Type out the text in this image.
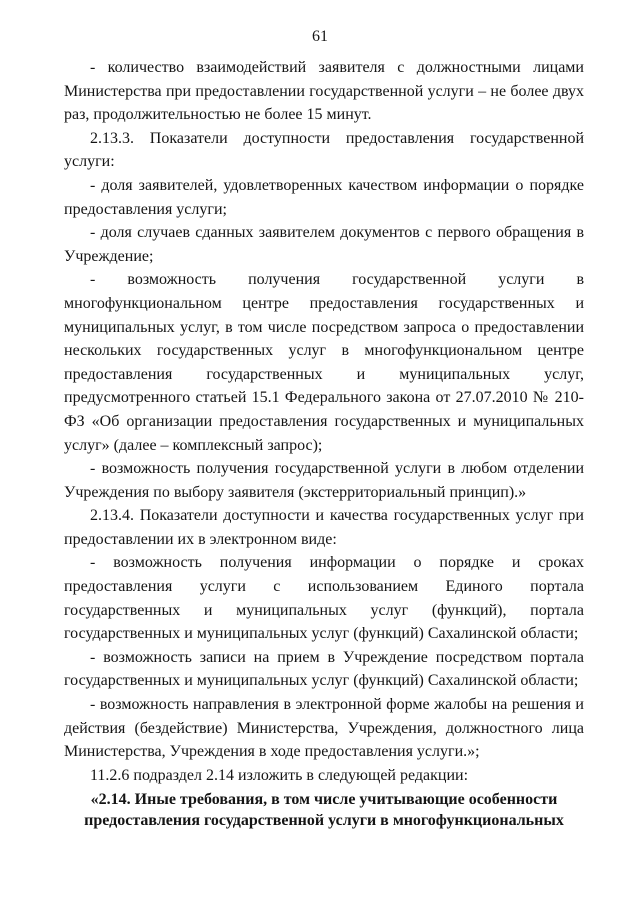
61

- количество взаимодействий заявителя с должностными лицами Министерства при предоставлении государственной услуги – не более двух раз, продолжительностью не более 15 минут.

2.13.3. Показатели доступности предоставления государственной услуги:

- доля заявителей, удовлетворенных качеством информации о порядке предоставления услуги;

- доля случаев сданных заявителем документов с первого обращения в Учреждение;

- возможность получения государственной услуги в многофункциональном центре предоставления государственных и муниципальных услуг, в том числе посредством запроса о предоставлении нескольких государственных услуг в многофункциональном центре предоставления государственных и муниципальных услуг, предусмотренного статьей 15.1 Федерального закона от 27.07.2010 № 210-ФЗ «Об организации предоставления государственных и муниципальных услуг» (далее – комплексный запрос);

- возможность получения государственной услуги в любом отделении Учреждения по выбору заявителя (экстерриториальный принцип).»

2.13.4. Показатели доступности и качества государственных услуг при предоставлении их в электронном виде:

- возможность получения информации о порядке и сроках предоставления услуги с использованием Единого портала государственных и муниципальных услуг (функций), портала государственных и муниципальных услуг (функций) Сахалинской области;

- возможность записи на прием в Учреждение посредством портала государственных и муниципальных услуг (функций) Сахалинской области;

- возможность направления в электронной форме жалобы на решения и действия (бездействие) Министерства, Учреждения, должностного лица Министерства, Учреждения в ходе предоставления услуги.»;

11.2.6 подраздел 2.14 изложить в следующей редакции:

«2.14. Иные требования, в том числе учитывающие особенности предоставления государственной услуги в многофункциональных
